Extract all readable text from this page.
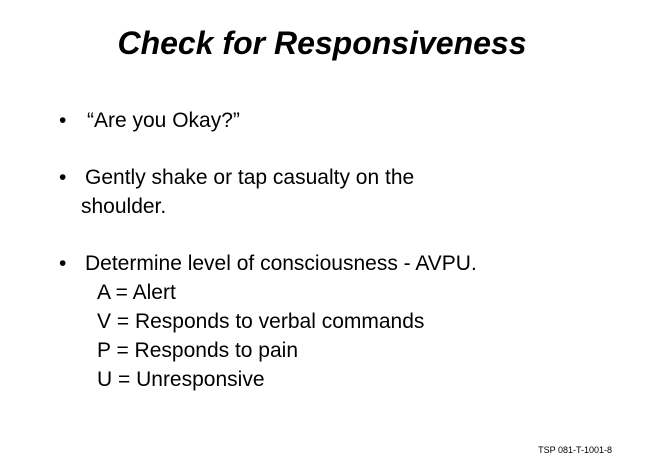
Check for Responsiveness
• “Are you Okay?”
• Gently shake or tap casualty on the
shoulder.
• Determine level of consciousness - AVPU.
A = Alert
V = Responds to verbal commands
P = Responds to pain
U = Unresponsive
TSP 081-T-1001-8
